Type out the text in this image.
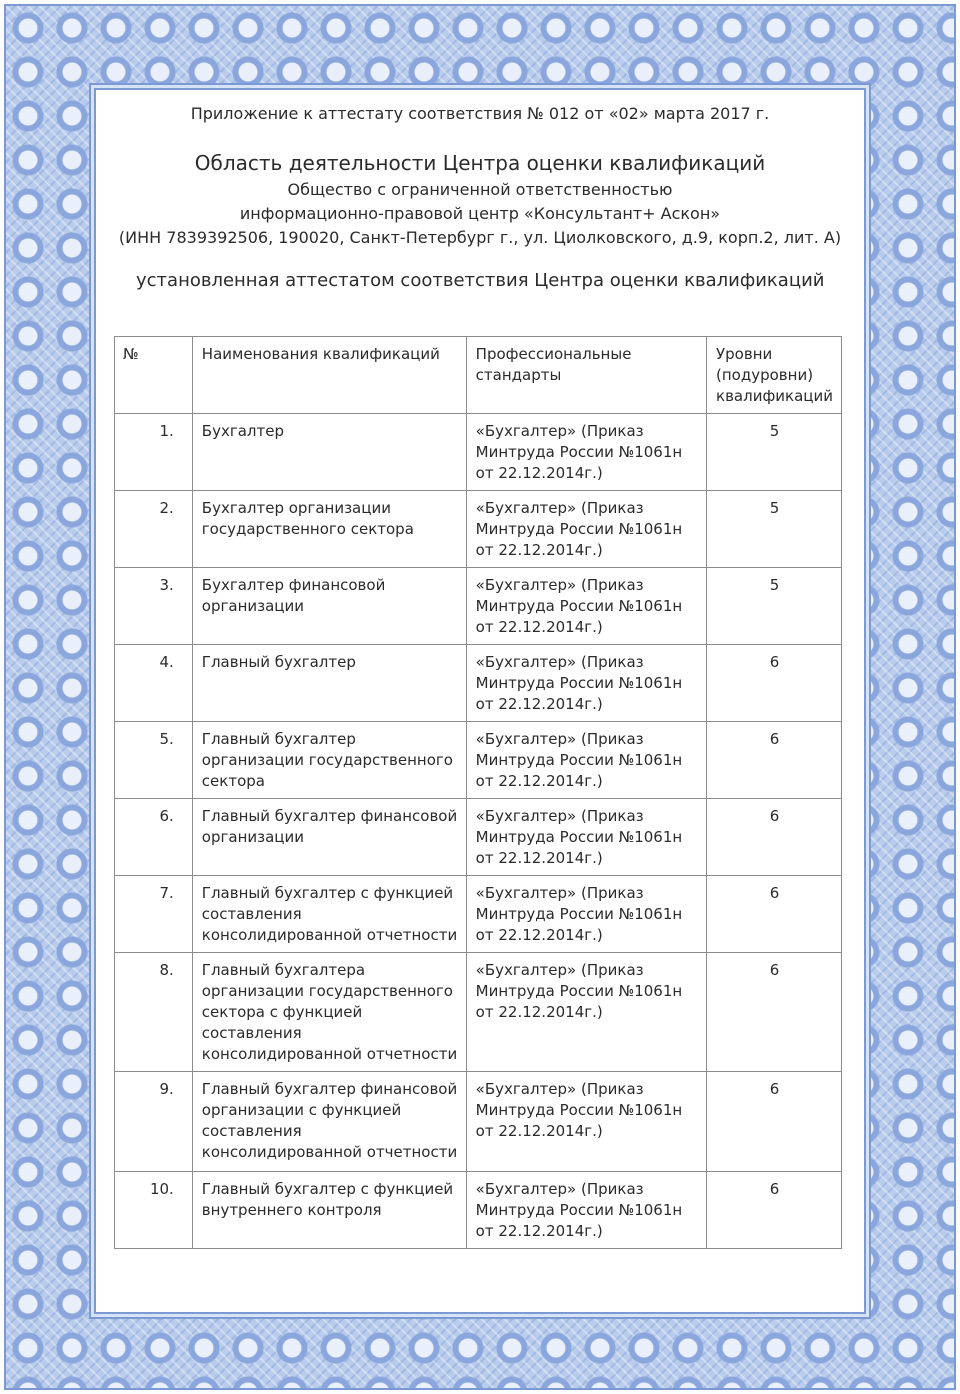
Приложение к аттестату соответствия № 012 от «02» марта 2017 г.
Область деятельности Центра оценки квалификаций
Общество с ограниченной ответственностью
информационно-правовой центр «Консультант+ Аскон»
(ИНН 7839392506, 190020, Санкт-Петербург г., ул. Циолковского, д.9, корп.2, лит. А)
установленная аттестатом соответствия Центра оценки квалификаций
№	Наименования квалификаций	Профессиональные стандарты	Уровни (подуровни) квалификаций
1.	Бухгалтер	«Бухгалтер» (Приказ Минтруда России №1061н от 22.12.2014г.)	5
2.	Бухгалтер организации государственного сектора	«Бухгалтер» (Приказ Минтруда России №1061н от 22.12.2014г.)	5
3.	Бухгалтер финансовой организации	«Бухгалтер» (Приказ Минтруда России №1061н от 22.12.2014г.)	5
4.	Главный бухгалтер	«Бухгалтер» (Приказ Минтруда России №1061н от 22.12.2014г.)	6
5.	Главный бухгалтер организации государственного сектора	«Бухгалтер» (Приказ Минтруда России №1061н от 22.12.2014г.)	6
6.	Главный бухгалтер финансовой организации	«Бухгалтер» (Приказ Минтруда России №1061н от 22.12.2014г.)	6
7.	Главный бухгалтер с функцией составления консолидированной отчетности	«Бухгалтер» (Приказ Минтруда России №1061н от 22.12.2014г.)	6
8.	Главный бухгалтера организации государственного сектора с функцией составления консолидированной отчетности	«Бухгалтер» (Приказ Минтруда России №1061н от 22.12.2014г.)	6
9.	Главный бухгалтер финансовой организации с функцией составления консолидированной отчетности	«Бухгалтер» (Приказ Минтруда России №1061н от 22.12.2014г.)	6
10.	Главный бухгалтер с функцией внутреннего контроля	«Бухгалтер» (Приказ Минтруда России №1061н от 22.12.2014г.)	6
